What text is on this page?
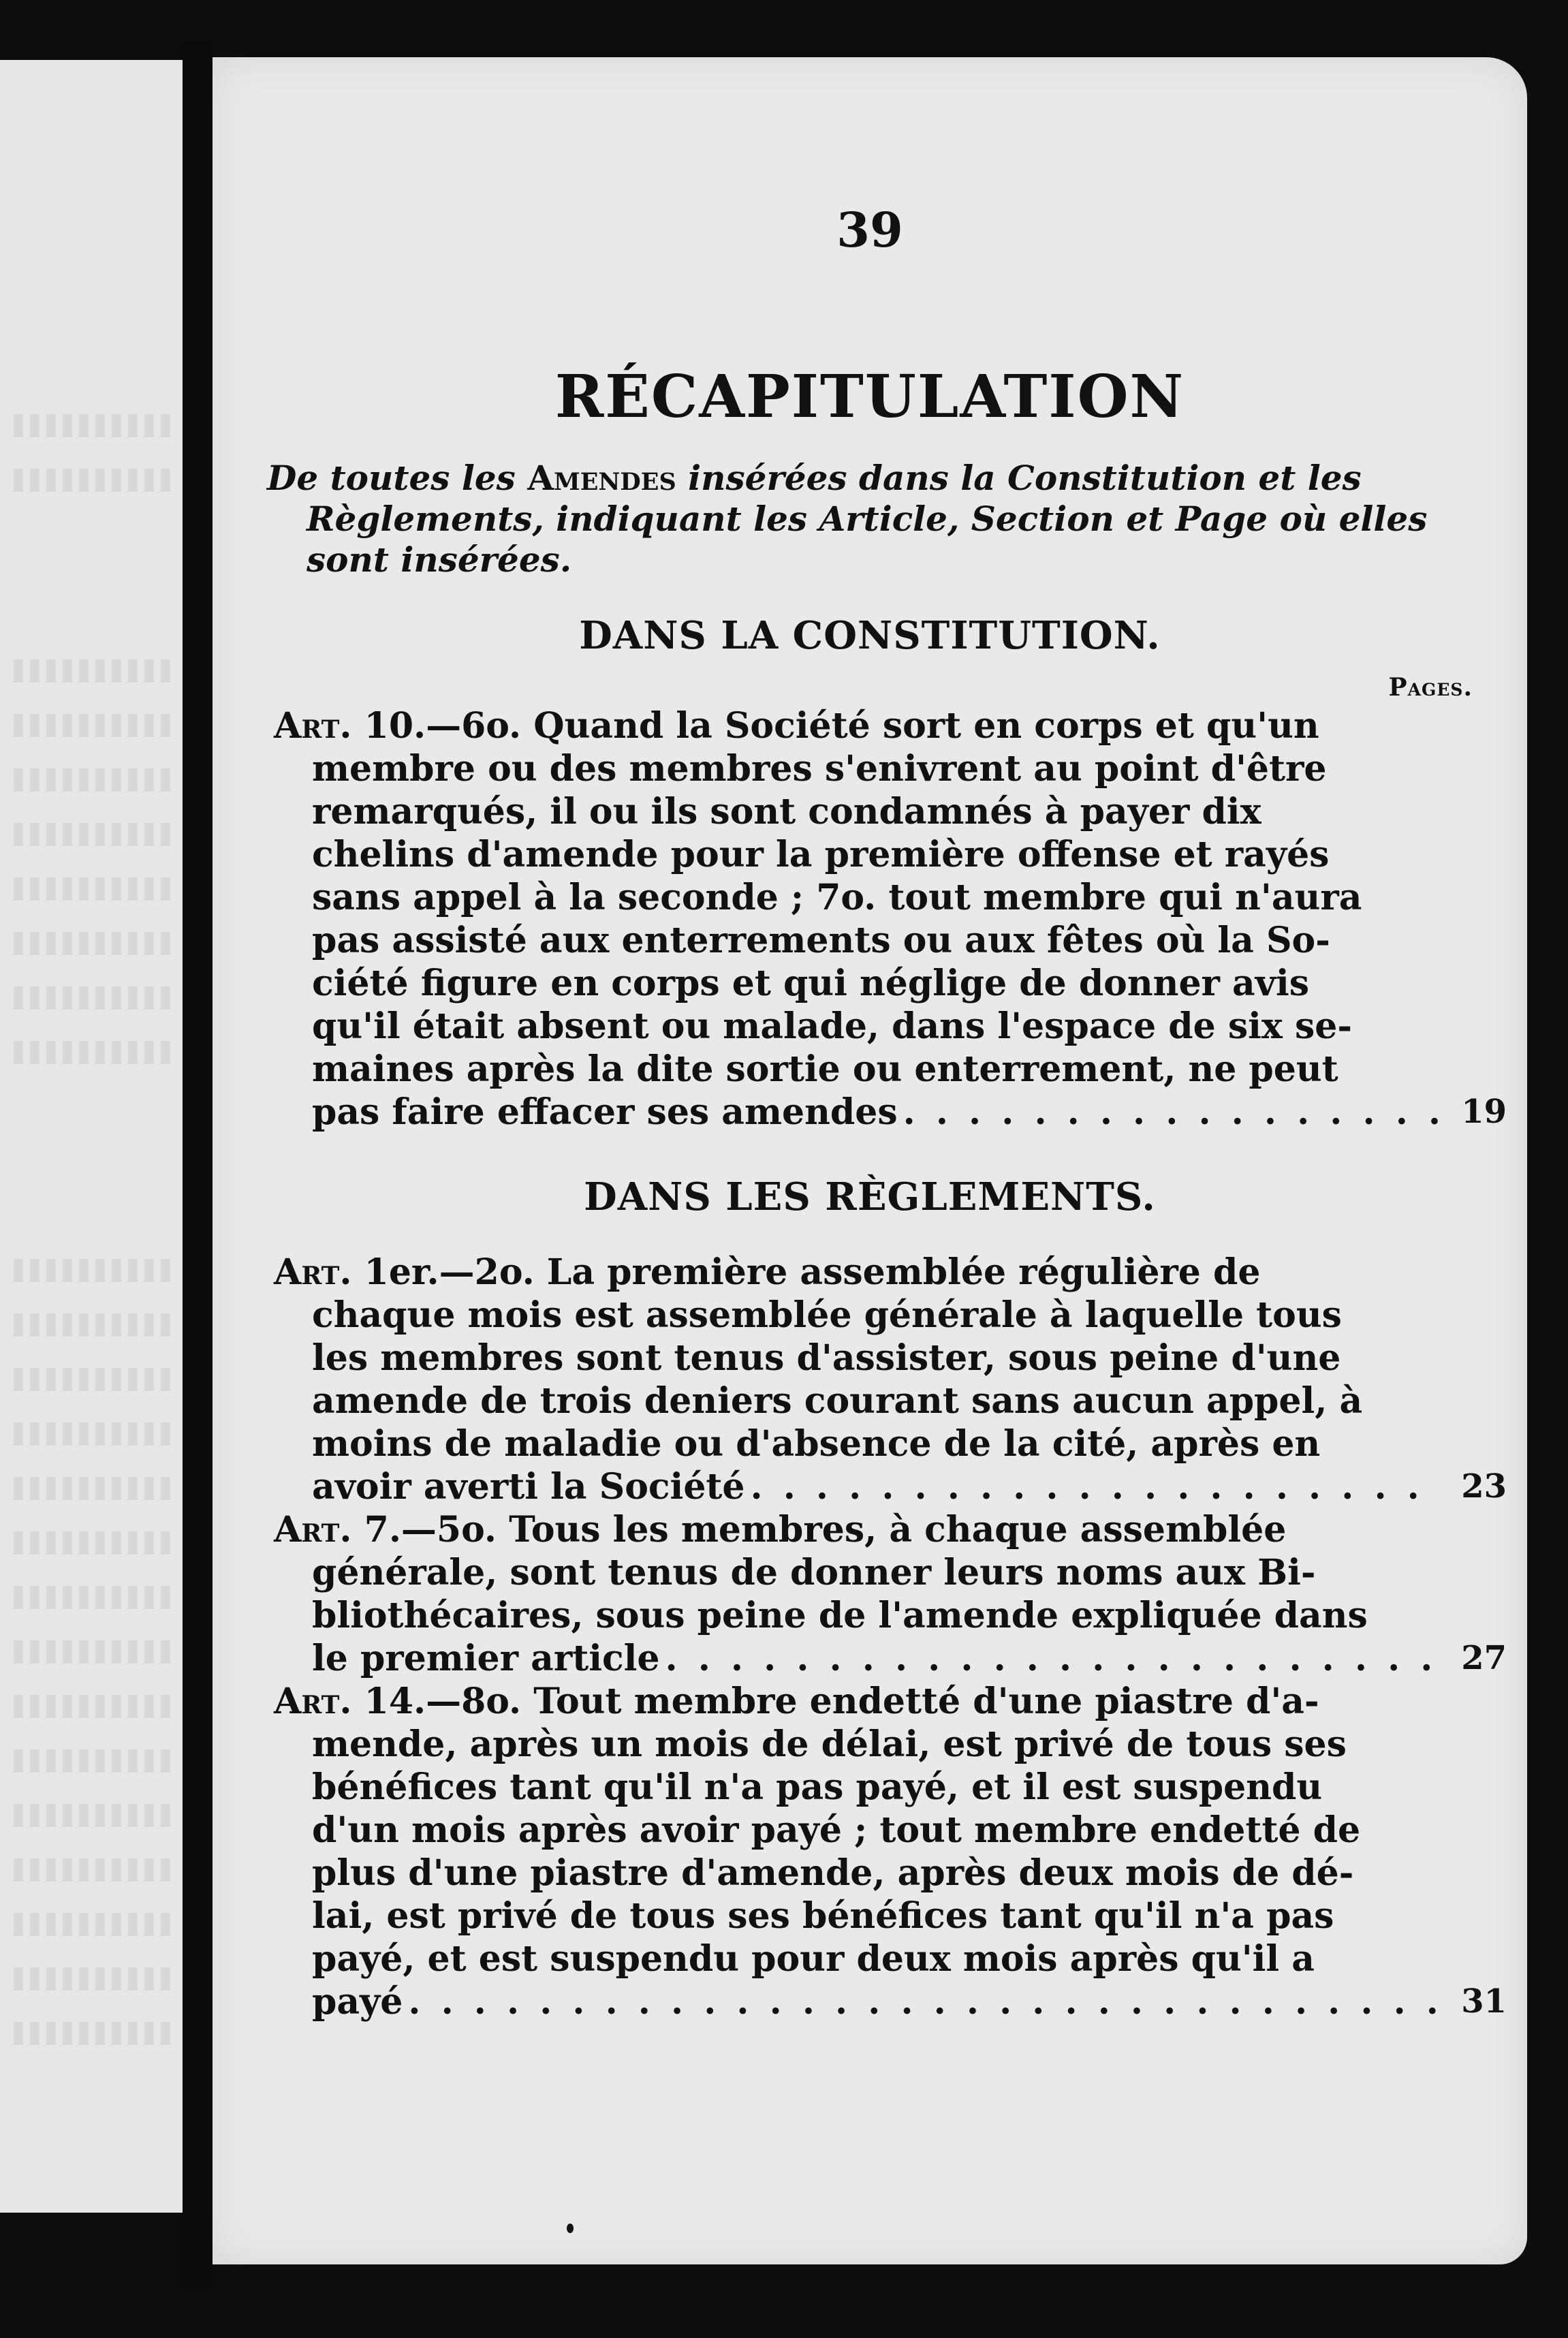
39
RÉCAPITULATION
De toutes les Amendes insérées dans la Constitution et les
Règlements, indiquant les Article, Section et Page où elles
sont insérées.
DANS LA CONSTITUTION.
Pages.
Art. 10.—6o. Quand la Société sort en corps et qu'un
membre ou des membres s'enivrent au point d'être
remarqués, il ou ils sont condamnés à payer dix
chelins d'amende pour la première offense et rayés
sans appel à la seconde ; 7o. tout membre qui n'aura
pas assisté aux enterrements ou aux fêtes où la So-
ciété figure en corps et qui néglige de donner avis
qu'il était absent ou malade, dans l'espace de six se-
maines après la dite sortie ou enterrement, ne peut
pas faire effacer ses amendes . . .	19
DANS LES RÈGLEMENTS.
Art. 1er.—2o. La première assemblée régulière de
chaque mois est assemblée générale à laquelle tous
les membres sont tenus d'assister, sous peine d'une
amende de trois deniers courant sans aucun appel, à
moins de maladie ou d'absence de la cité, après en
avoir averti la Société . . .	23
Art. 7.—5o. Tous les membres, à chaque assemblée
générale, sont tenus de donner leurs noms aux Bi-
bliothécaires, sous peine de l'amende expliquée dans
le premier article . . .	27
Art. 14.—8o. Tout membre endetté d'une piastre d'a-
mende, après un mois de délai, est privé de tous ses
bénéfices tant qu'il n'a pas payé, et il est suspendu
d'un mois après avoir payé ; tout membre endetté de
plus d'une piastre d'amende, après deux mois de dé-
lai, est privé de tous ses bénéfices tant qu'il n'a pas
payé, et est suspendu pour deux mois après qu'il a
payé . . .	31
